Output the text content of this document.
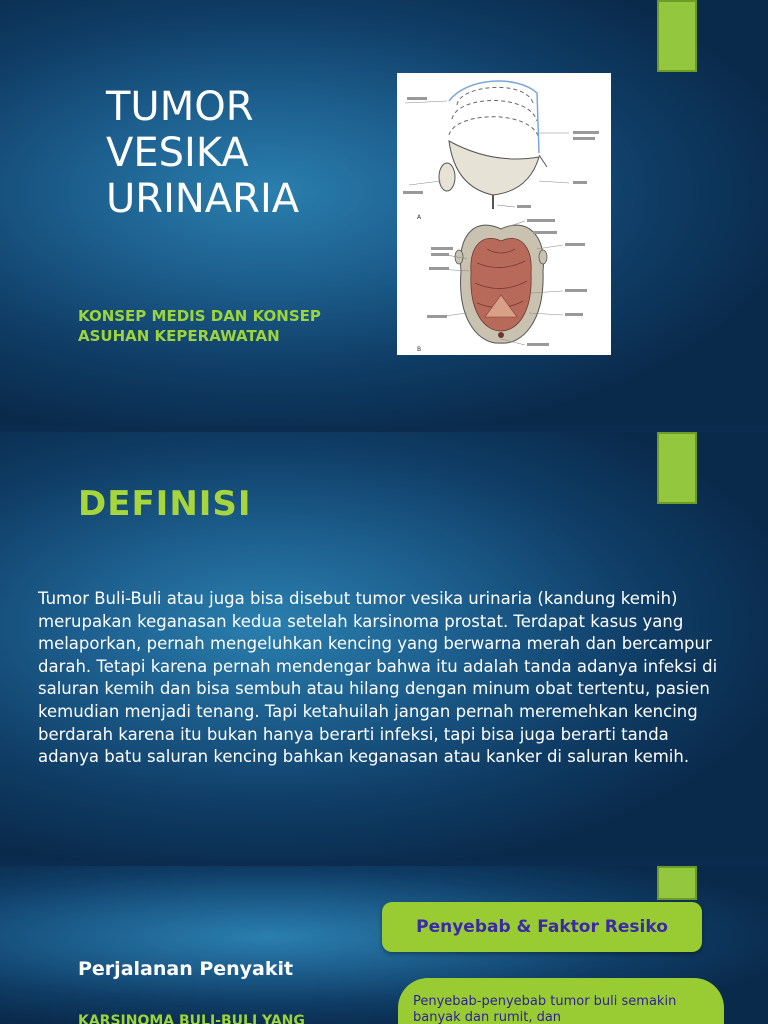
TUMOR
VESIKA
URINARIA
KONSEP MEDIS DAN KONSEP ASUHAN KEPERAWATAN
A
B
DEFINISI
Tumor Buli-Buli atau juga bisa disebut tumor vesika urinaria (kandung kemih) merupakan keganasan kedua setelah karsinoma prostat. Terdapat kasus yang melaporkan, pernah mengeluhkan kencing yang berwarna merah dan bercampur darah. Tetapi karena pernah mendengar bahwa itu adalah tanda adanya infeksi di saluran kemih dan bisa sembuh atau hilang dengan minum obat tertentu, pasien kemudian menjadi tenang. Tapi ketahuilah jangan pernah meremehkan kencing berdarah karena itu bukan hanya berarti infeksi, tapi bisa juga berarti tanda adanya batu saluran kencing bahkan keganasan atau kanker di saluran kemih.
Perjalanan Penyakit
KARSINOMA BULI-BULI YANG
Penyebab & Faktor Resiko
Penyebab-penyebab tumor buli semakin banyak dan rumit, dan
